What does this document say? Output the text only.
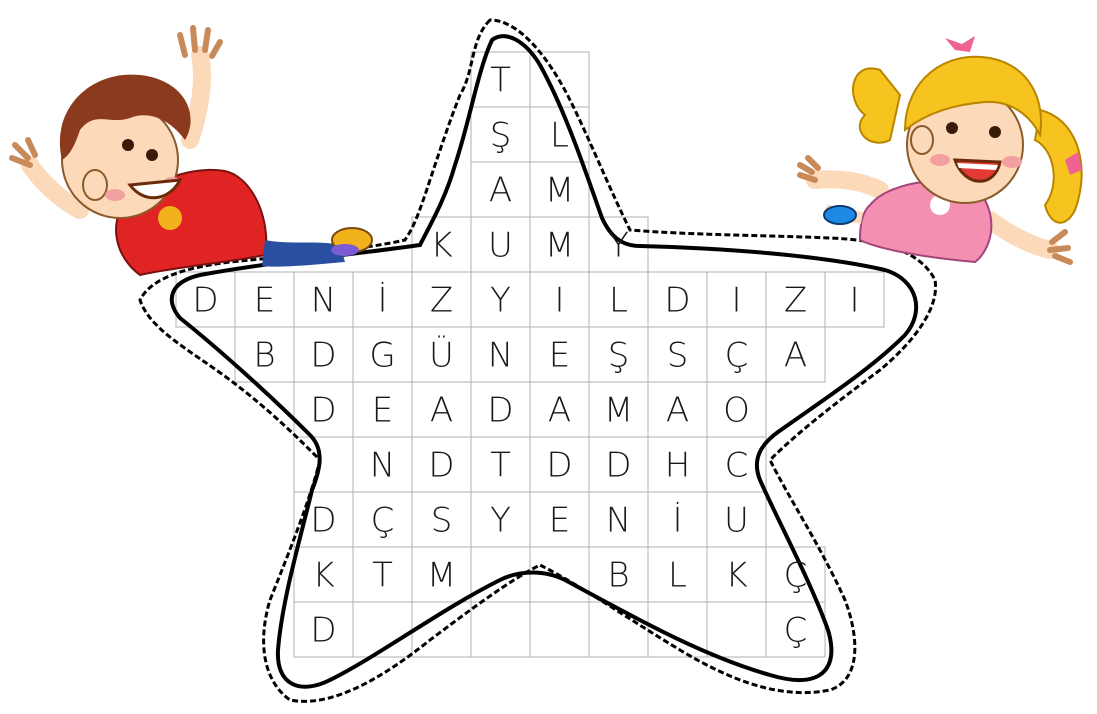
T
Ş L
A M
K U M Y
D E N İ Z Y I L D I Z I
B D G Ü N E Ş S Ç A
D E A D A M A O
N D T D D H C
D Ç S Y E N İ U
K T M	B L K Ç
D	Ç
